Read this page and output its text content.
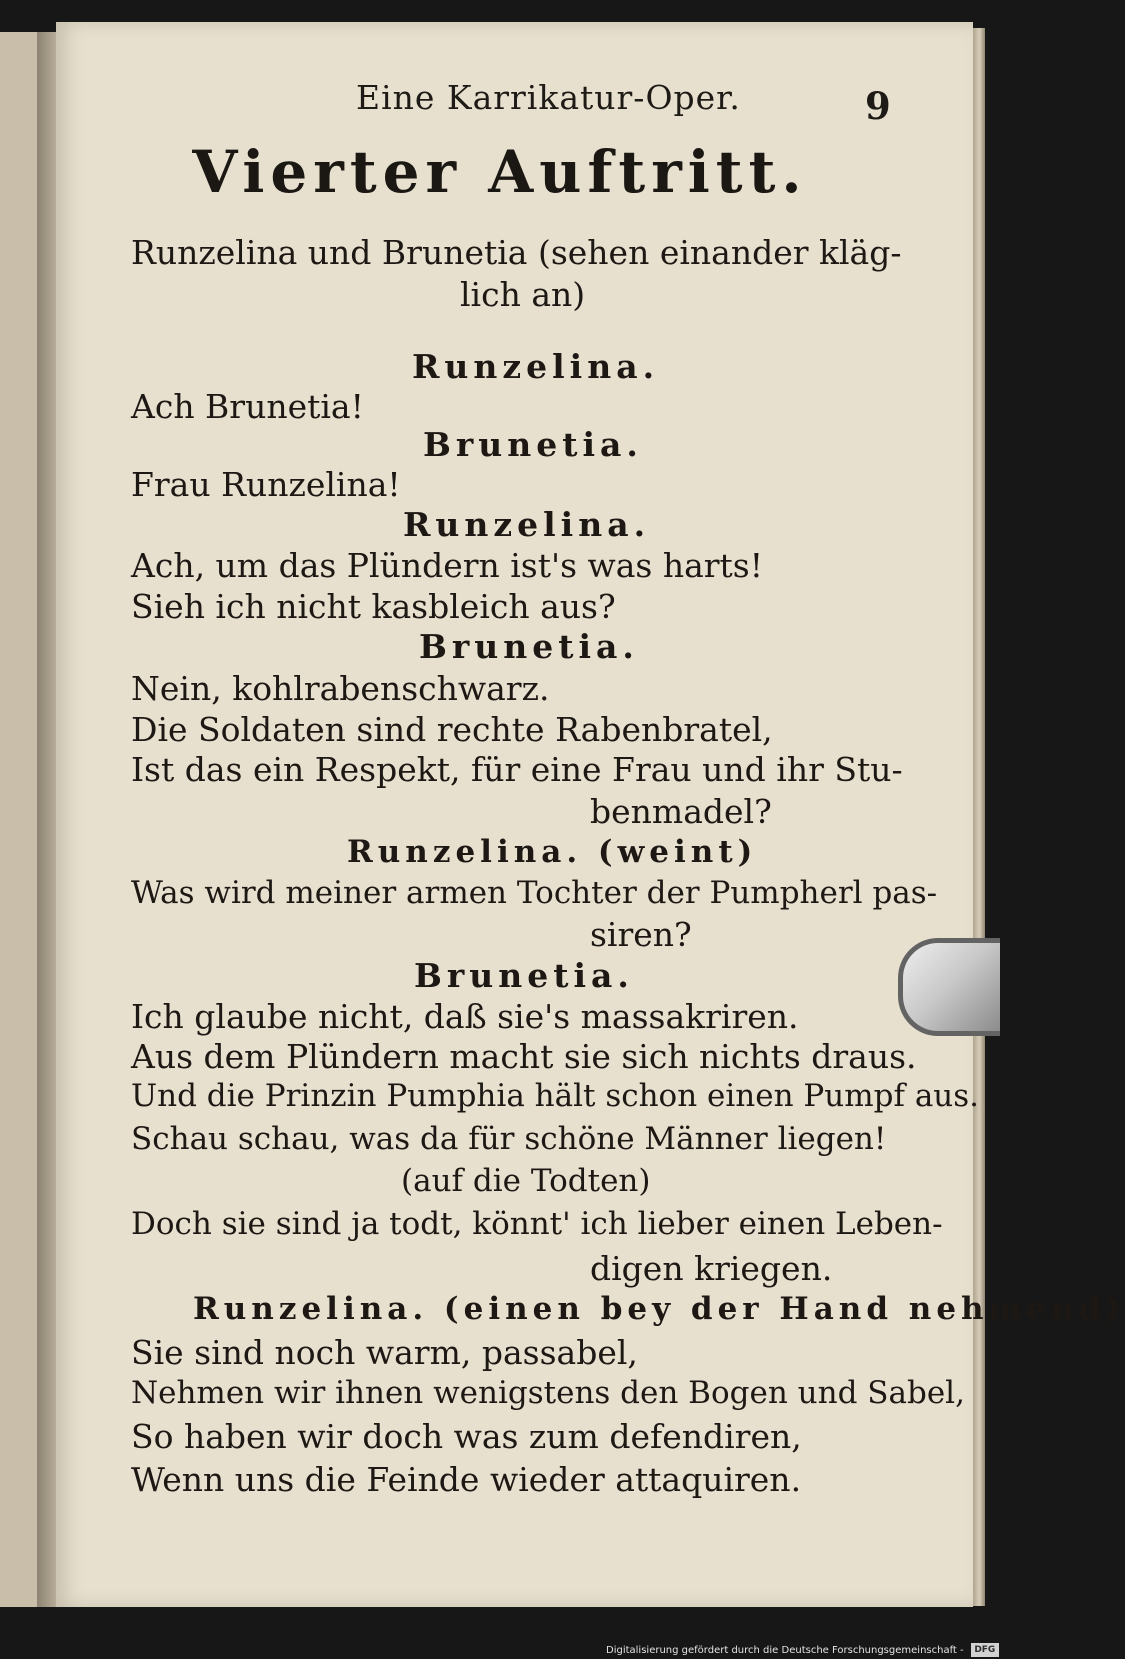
Eine Karrikatur-Oper.	9
Vierter Auftritt.
Runzelina und Brunetia (sehen einander kläg-
lich an)
Runzelina.
Ach Brunetia!
Brunetia.
Frau Runzelina!
Runzelina.
Ach, um das Plündern ist's was harts!
Sieh ich nicht kasbleich aus?
Brunetia.
Nein, kohlrabenschwarz.
Die Soldaten sind rechte Rabenbratel,
Ist das ein Respekt, für eine Frau und ihr Stu-
benmadel?
Runzelina. (weint)
Was wird meiner armen Tochter der Pumpherl pas-
siren?
Brunetia.
Ich glaube nicht, daß sie's massakriren.
Aus dem Plündern macht sie sich nichts draus.
Und die Prinzin Pumphia hält schon einen Pumpf aus.
Schau schau, was da für schöne Männer liegen!
(auf die Todten)
Doch sie sind ja todt, könnt' ich lieber einen Leben-
digen kriegen.
Runzelina. (einen bey der Hand nehmend)
Sie sind noch warm, passabel,
Nehmen wir ihnen wenigstens den Bogen und Sabel,
So haben wir doch was zum defendiren,
Wenn uns die Feinde wieder attaquiren.
Digitalisierung gefördert durch die Deutsche Forschungsgemeinschaft - DFG
